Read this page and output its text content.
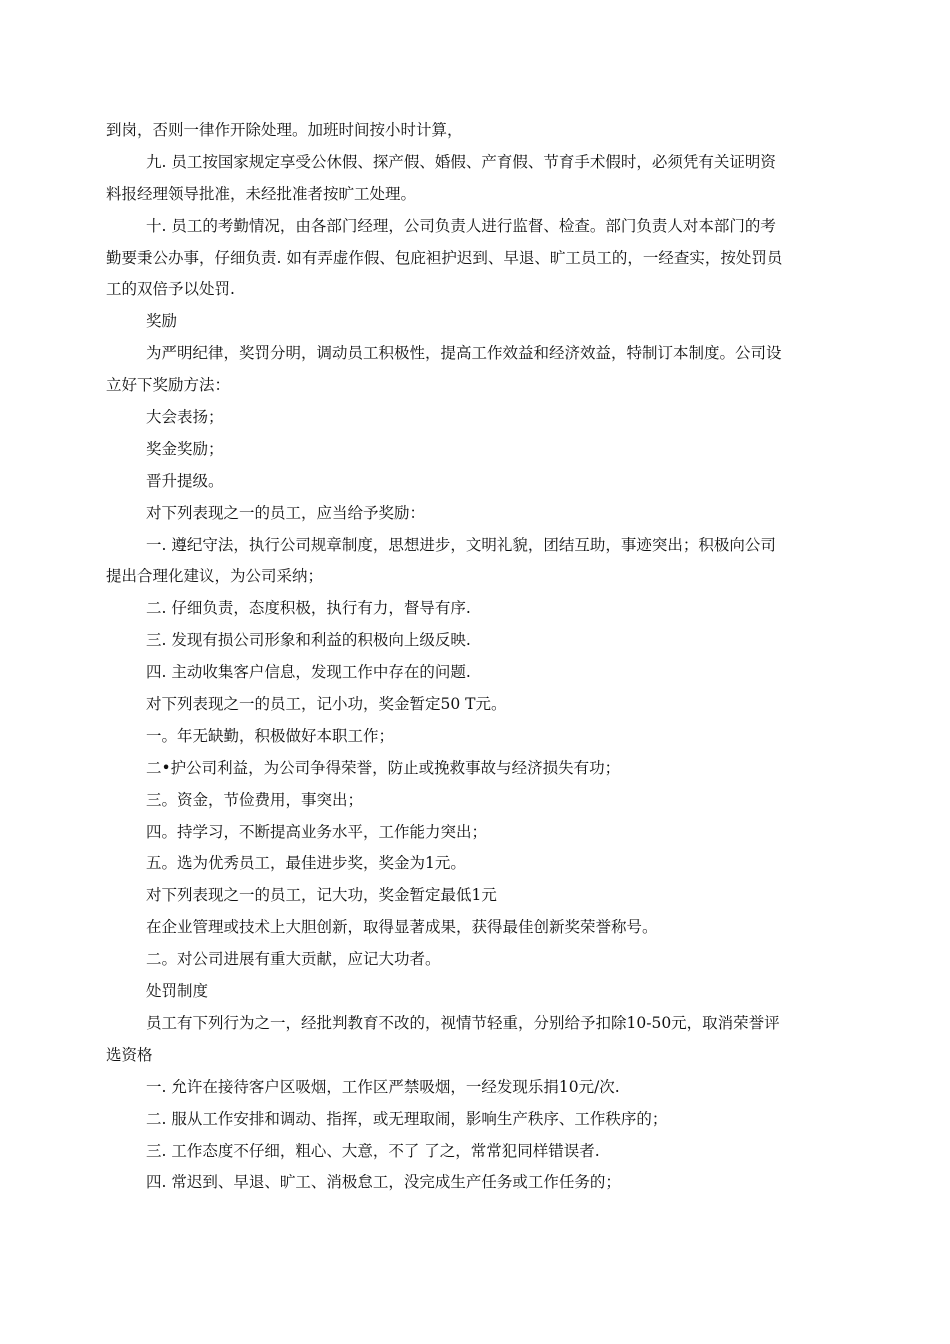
到岗，否则一律作开除处理。加班时间按小时计算，
九. 员工按国家规定享受公休假、探产假、婚假、产育假、节育手术假时，必须凭有关证明资
料报经理领导批准，未经批准者按旷工处理。
十. 员工的考勤情况，由各部门经理，公司负责人进行监督、检查。部门负责人对本部门的考
勤要秉公办事，仔细负责. 如有弄虚作假、包庇袒护迟到、早退、旷工员工的，一经查实，按处罚员
工的双倍予以处罚.
奖励
为严明纪律，奖罚分明，调动员工积极性，提高工作效益和经济效益，特制订本制度。公司设
立好下奖励方法：
大会表扬；
奖金奖励；
晋升提级。
对下列表现之一的员工，应当给予奖励：
一. 遵纪守法，执行公司规章制度，思想进步，文明礼貌，团结互助，事迹突出；积极向公司
提出合理化建议，为公司采纳；
二. 仔细负责，态度积极，执行有力，督导有序.
三. 发现有损公司形象和利益的积极向上级反映.
四. 主动收集客户信息，发现工作中存在的问题.
对下列表现之一的员工，记小功，奖金暂定50 T元。
一。年无缺勤，积极做好本职工作；
二•护公司利益，为公司争得荣誉，防止或挽救事故与经济损失有功；
三。资金，节俭费用，事突出；
四。持学习，不断提高业务水平，工作能力突出；
五。选为优秀员工，最佳进步奖，奖金为1元。
对下列表现之一的员工，记大功，奖金暂定最低1元
在企业管理或技术上大胆创新，取得显著成果，获得最佳创新奖荣誉称号。
二。对公司进展有重大贡献，应记大功者。
处罚制度
员工有下列行为之一，经批判教育不改的，视情节轻重，分别给予扣除10-50元，取消荣誉评
选资格
一. 允许在接待客户区吸烟，工作区严禁吸烟，一经发现乐捐10元/次.
二. 服从工作安排和调动、指挥，或无理取闹，影响生产秩序、工作秩序的；
三. 工作态度不仔细，粗心、大意，不了 了之，常常犯同样错误者.
四. 常迟到、早退、旷工、消极怠工，没完成生产任务或工作任务的；
